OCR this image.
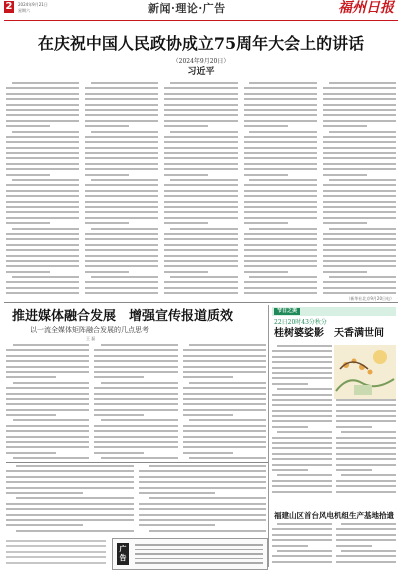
2	2024年9月21日
星期六	新闻·理论·广告	福州日报
在庆祝中国人民政协成立75周年大会上的讲话
（2024年9月20日）
习近平
（新华社北京9月20日电）
推进媒体融合发展　增强宣传报道质效
以一流全媒体矩阵融合发展的几点思考
王 磊
广告
节日之美
22日20时43分秋分
桂树婆娑影　天香满世间
福建山区首台风电机组生产基地拾遗
